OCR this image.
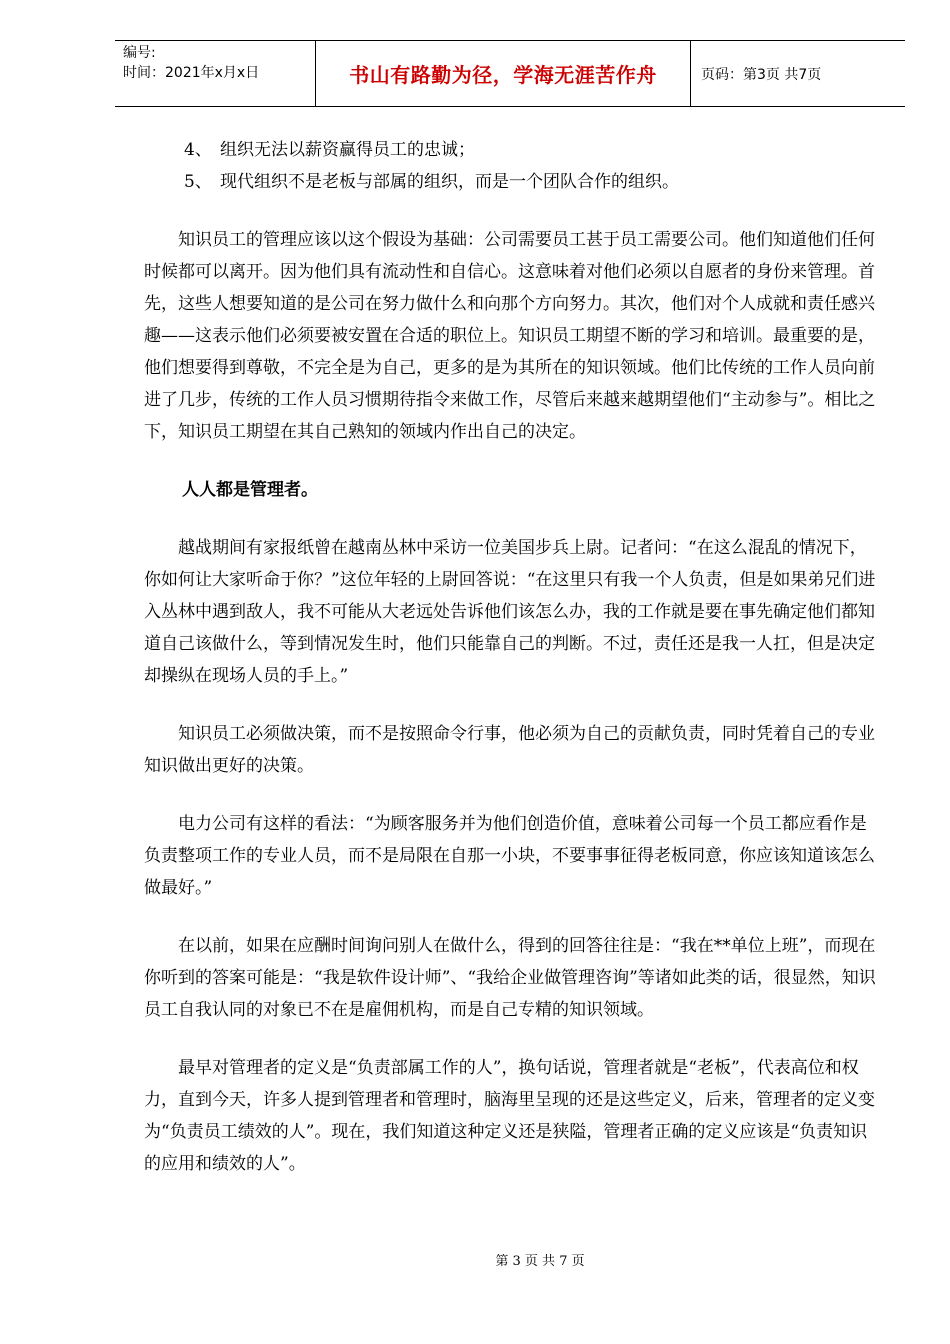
编号:
时间：2021年x月x日	书山有路勤为径，学海无涯苦作舟	页码：第3页 共7页

4、 组织无法以薪资赢得员工的忠诚；

5、 现代组织不是老板与部属的组织，而是一个团队合作的组织。

知识员工的管理应该以这个假设为基础：公司需要员工甚于员工需要公司。他们知道他们任何时候都可以离开。因为他们具有流动性和自信心。这意味着对他们必须以自愿者的身份来管理。首先，这些人想要知道的是公司在努力做什么和向那个方向努力。其次，他们对个人成就和责任感兴趣——这表示他们必须要被安置在合适的职位上。知识员工期望不断的学习和培训。最重要的是，他们想要得到尊敬，不完全是为自己，更多的是为其所在的知识领域。他们比传统的工作人员向前进了几步，传统的工作人员习惯期待指令来做工作，尽管后来越来越期望他们“主动参与”。相比之下，知识员工期望在其自己熟知的领域内作出自己的决定。

人人都是管理者。

越战期间有家报纸曾在越南丛林中采访一位美国步兵上尉。记者问：“在这么混乱的情况下，你如何让大家听命于你？”这位年轻的上尉回答说：“在这里只有我一个人负责，但是如果弟兄们进入丛林中遇到敌人，我不可能从大老远处告诉他们该怎么办，我的工作就是要在事先确定他们都知道自己该做什么，等到情况发生时，他们只能靠自己的判断。不过，责任还是我一人扛，但是决定却操纵在现场人员的手上。”

知识员工必须做决策，而不是按照命令行事，他必须为自己的贡献负责，同时凭着自己的专业知识做出更好的决策。

电力公司有这样的看法：“为顾客服务并为他们创造价值，意味着公司每一个员工都应看作是负责整项工作的专业人员，而不是局限在自那一小块，不要事事征得老板同意，你应该知道该怎么做最好。”

在以前，如果在应酬时间询问别人在做什么，得到的回答往往是：“我在**单位上班”，而现在你听到的答案可能是：“我是软件设计师”、“我给企业做管理咨询”等诸如此类的话，很显然，知识员工自我认同的对象已不在是雇佣机构，而是自己专精的知识领域。

最早对管理者的定义是“负责部属工作的人”，换句话说，管理者就是“老板”，代表高位和权力，直到今天，许多人提到管理者和管理时，脑海里呈现的还是这些定义，后来，管理者的定义变为“负责员工绩效的人”。现在，我们知道这种定义还是狭隘，管理者正确的定义应该是“负责知识的应用和绩效的人”。

第 3 页 共 7 页
